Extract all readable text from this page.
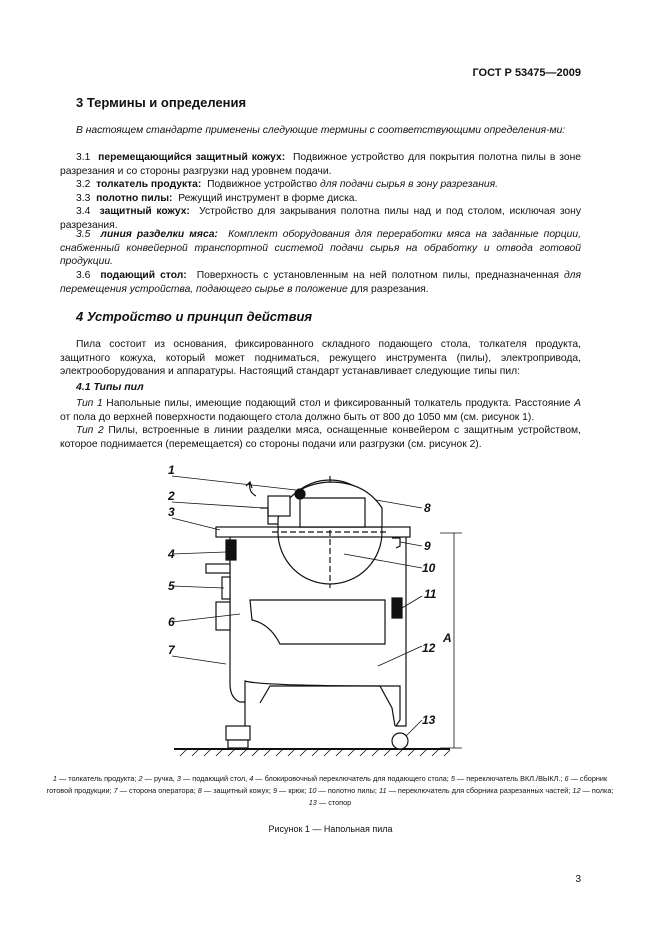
ГОСТ Р 53475—2009
3 Термины и определения
В настоящем стандарте применены следующие термины с соответствующими определения-ми:
3.1 перемещающийся защитный кожух: Подвижное устройство для покрытия полотна пилы в зоне разрезания и со стороны разгрузки над уровнем подачи.
3.2 толкатель продукта: Подвижное устройство для подачи сырья в зону разрезания.
3.3 полотно пилы: Режущий инструмент в форме диска.
3.4 защитный кожух: Устройство для закрывания полотна пилы над и под столом, исключая зону разрезания.
3.5 линия разделки мяса: Комплект оборудования для переработки мяса на заданные порции, снабженный конвейерной транспортной системой подачи сырья на обработку и отвода готовой продукции.
3.6 подающий стол: Поверхность с установленным на ней полотном пилы, предназначенная для перемещения устройства, подающего сырье в положение для разрезания.
4 Устройство и принцип действия
Пила состоит из основания, фиксированного складного подающего стола, толкателя продукта, защитного кожуха, который может подниматься, режущего инструмента (пилы), электропривода, электрооборудования и аппаратуры. Настоящий стандарт устанавливает следующие типы пил:
4.1 Типы пил
Тип 1 Напольные пилы, имеющие подающий стол и фиксированный толкатель продукта. Расстояние А от пола до верхней поверхности подающего стола должно быть от 800 до 1050 мм (см. рисунок 1).
Тип 2 Пилы, встроенные в линии разделки мяса, оснащенные конвейером с защитным устройством, которое поднимается (перемещается) со стороны подачи или разгрузки (см. рисунок 2).
1
2
3
4
5
6
7
8
9
10
11
12
13
А
1 — толкатель продукта; 2 — ручка, 3 — подающий стол, 4 — блокировочный переключатель для подающего стола; 5 — переключатель ВКЛ./ВЫКЛ.; 6 — сборник готовой продукции; 7 — сторона оператора; 8 — защитный кожух; 9 — крюк; 10 — полотно пилы; 11 — переключатель для сборника разрезанных частей; 12 — полка; 13 — стопор
Рисунок 1 — Напольная пила
3
